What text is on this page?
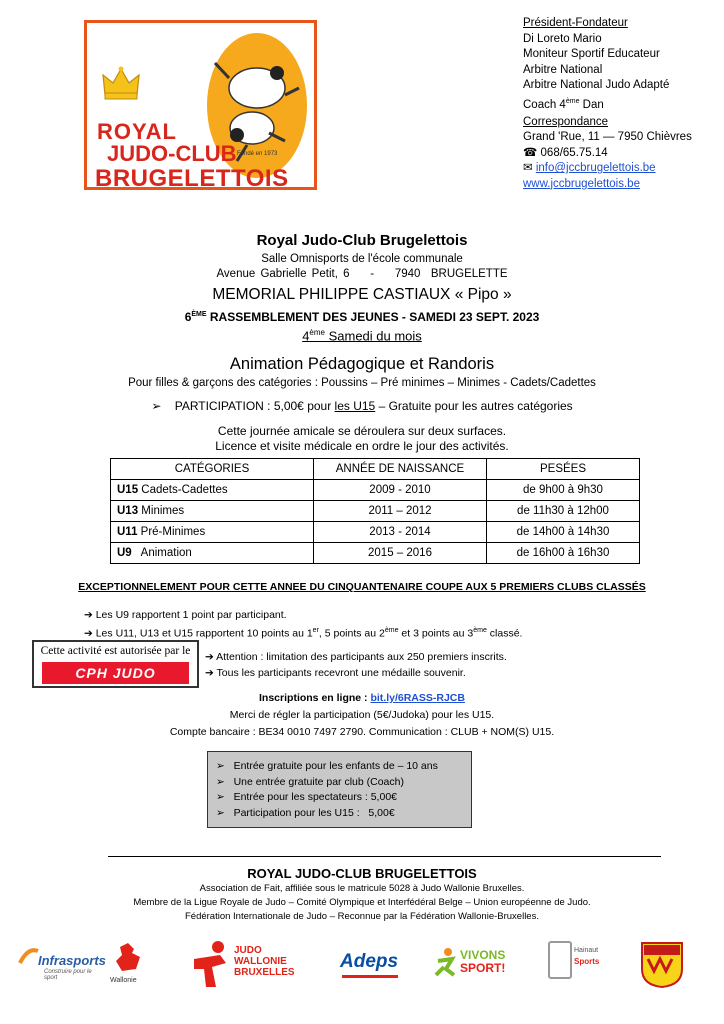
ROYAL
JUDO-CLUB
BRUGELETTOIS
Fondé en 1973
Président-Fondateur
Di Loreto Mario
Moniteur Sportif Educateur
Arbitre National
Arbitre National Judo Adapté
Coach 4ème Dan
Correspondance
Grand 'Rue, 11 — 7950 Chièvres
☎ 068/65.75.14
✉ info@jccbrugelettois.be
www.jccbrugelettois.be
Royal Judo-Club Brugelettois
Salle Omnisports de l'école communale
Avenue Gabrielle Petit, 6    -    7940  BRUGELETTE
MEMORIAL PHILIPPE CASTIAUX « Pipo »
6ÈME RASSEMBLEMENT DES JEUNES - SAMEDI 23 SEPT. 2023
4ème Samedi du mois
Animation Pédagogique et Randoris
Pour filles & garçons des catégories : Poussins – Pré minimes – Minimes - Cadets/Cadettes
➢    PARTICIPATION : 5,00€ pour les U15 – Gratuite pour les autres catégories
Cette journée amicale se déroulera sur deux surfaces.
Licence et visite médicale en ordre le jour des activités.
CATÉGORIES	ANNÉE DE NAISSANCE	PESÉES
U15 Cadets-Cadettes	2009 - 2010	de 9h00 à 9h30
U13 Minimes	2011 – 2012	de 11h30 à 12h00
U11 Pré-Minimes	2013 - 2014	de 14h00 à 14h30
U9   Animation	2015 – 2016	de 16h00 à 16h30
EXCEPTIONNELEMENT POUR CETTE ANNEE DU CINQUANTENAIRE COUPE AUX 5 PREMIERS CLUBS CLASSÉS
➔ Les U9 rapportent 1 point par participant.
➔ Les U11, U13 et U15 rapportent 10 points au 1er, 5 points au 2ème et 3 points au 3ème classé.
Cette activité est autorisée par le
CPH JUDO HAINAUT
➔ Attention : limitation des participants aux 250 premiers inscrits.
➔ Tous les participants recevront une médaille souvenir.
Inscriptions en ligne : bit.ly/6RASS-RJCB
Merci de régler la participation (5€/Judoka) pour les U15.
Compte bancaire : BE34 0010 7497 2790. Communication : CLUB + NOM(S) U15.
➢   Entrée gratuite pour les enfants de – 10 ans
➢   Une entrée gratuite par club (Coach)
➢   Entrée pour les spectateurs : 5,00€
➢   Participation pour les U15 :   5,00€
ROYAL JUDO-CLUB BRUGELETTOIS
Association de Fait, affiliée sous le matricule 5028 à Judo Wallonie Bruxelles.
Membre de la Ligue Royale de Judo – Comité Olympique et Interfédéral Belge – Union européenne de Judo.
Fédération Internationale de Judo – Reconnue par la Fédération Wallonie-Bruxelles.
Infrasports
Construire pour le sport	Wallonie
JUDO
WALLONIE
BRUXELLES
Adeps	VIVONS
SPORT!
Hainaut
Sports
